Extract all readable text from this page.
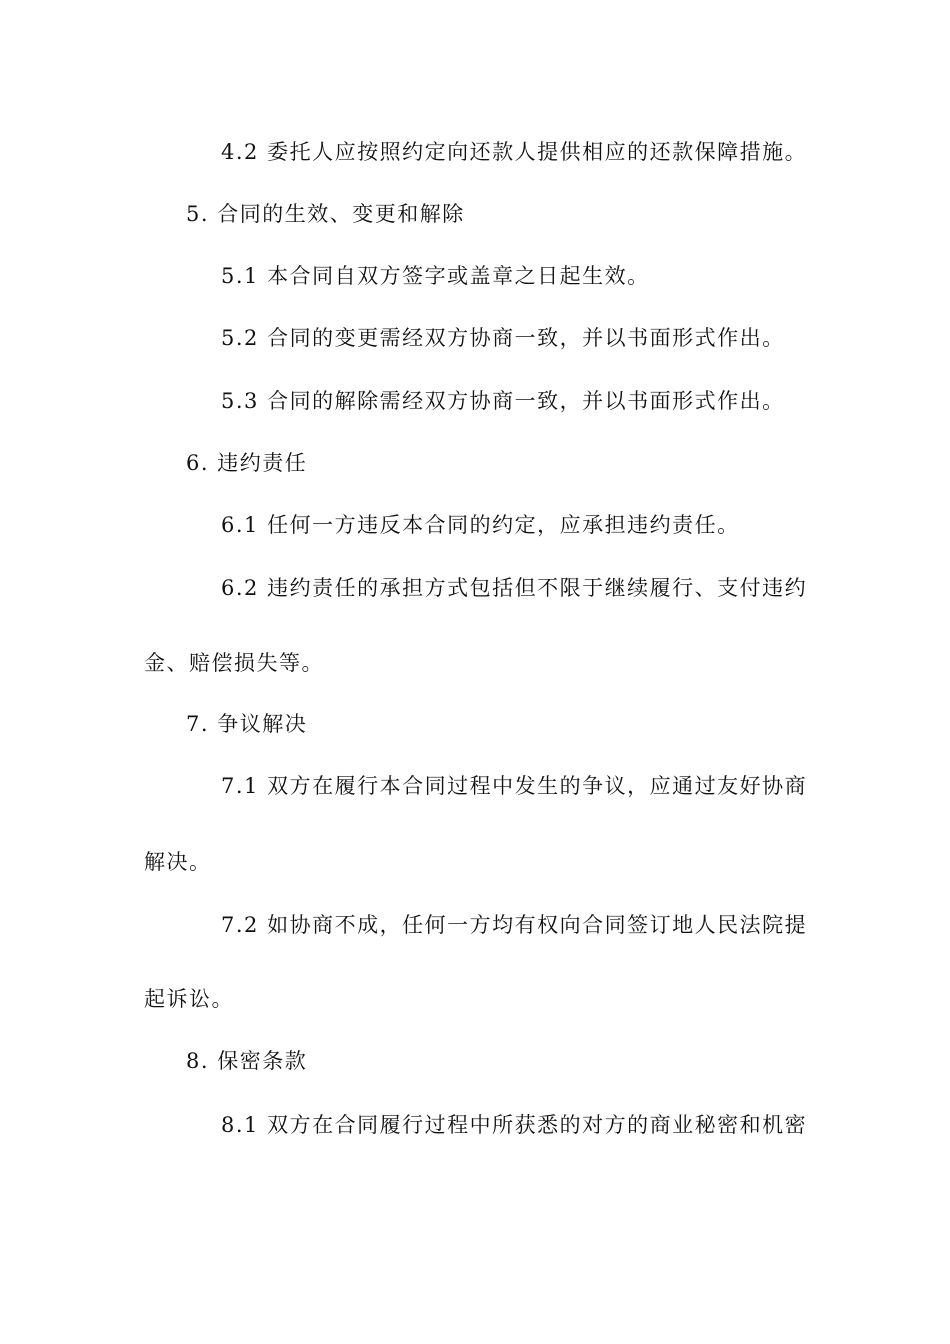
4.2 委托人应按照约定向还款人提供相应的还款保障措施。
5. 合同的生效、变更和解除
5.1 本合同自双方签字或盖章之日起生效。
5.2 合同的变更需经双方协商一致，并以书面形式作出。
5.3 合同的解除需经双方协商一致，并以书面形式作出。
6. 违约责任
6.1 任何一方违反本合同的约定，应承担违约责任。
6.2 违约责任的承担方式包括但不限于继续履行、支付违约
金、赔偿损失等。
7. 争议解决
7.1 双方在履行本合同过程中发生的争议，应通过友好协商
解决。
7.2 如协商不成，任何一方均有权向合同签订地人民法院提
起诉讼。
8. 保密条款
8.1 双方在合同履行过程中所获悉的对方的商业秘密和机密
